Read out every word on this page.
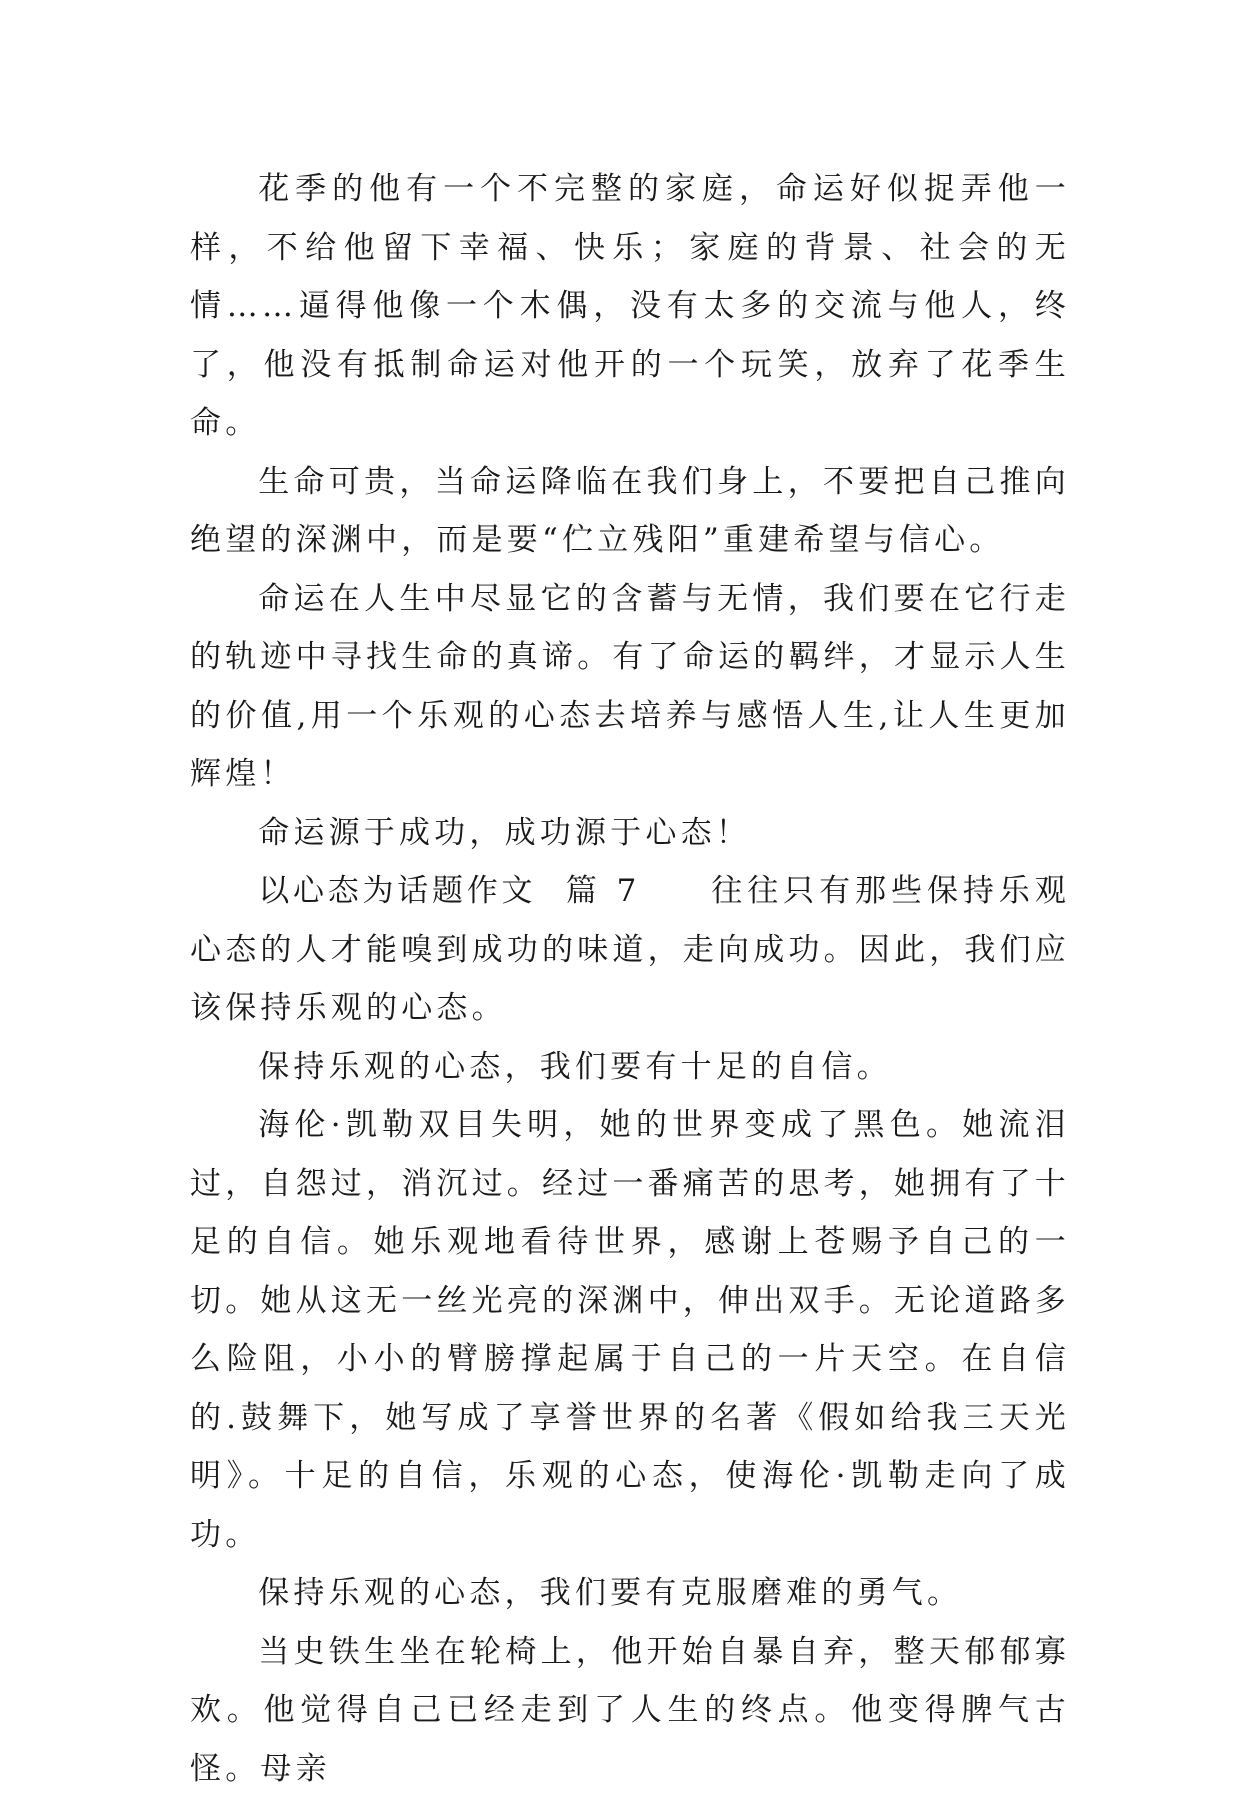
花季的他有一个不完整的家庭，命运好似捉弄他一样，不给他留下幸福、快乐；家庭的背景、社会的无情……逼得他像一个木偶，没有太多的交流与他人，终了，他没有抵制命运对他开的一个玩笑，放弃了花季生命。

生命可贵，当命运降临在我们身上，不要把自己推向绝望的深渊中，而是要“伫立残阳”重建希望与信心。

命运在人生中尽显它的含蓄与无情，我们要在它行走的轨迹中寻找生命的真谛。有了命运的羁绊，才显示人生的价值,用一个乐观的心态去培养与感悟人生,让人生更加辉煌！

命运源于成功，成功源于心态！

以心态为话题作文 篇 7 往往只有那些保持乐观心态的人才能嗅到成功的味道，走向成功。因此，我们应该保持乐观的心态。

保持乐观的心态，我们要有十足的自信。

海伦·凯勒双目失明，她的世界变成了黑色。她流泪过，自怨过，消沉过。经过一番痛苦的思考，她拥有了十足的自信。她乐观地看待世界，感谢上苍赐予自己的一切。她从这无一丝光亮的深渊中，伸出双手。无论道路多么险阻，小小的臂膀撑起属于自己的一片天空。在自信的.鼓舞下，她写成了享誉世界的名著《假如给我三天光明》。十足的自信，乐观的心态，使海伦·凯勒走向了成功。

保持乐观的心态，我们要有克服磨难的勇气。

当史铁生坐在轮椅上，他开始自暴自弃，整天郁郁寡欢。他觉得自己已经走到了人生的终点。他变得脾气古怪。母亲
